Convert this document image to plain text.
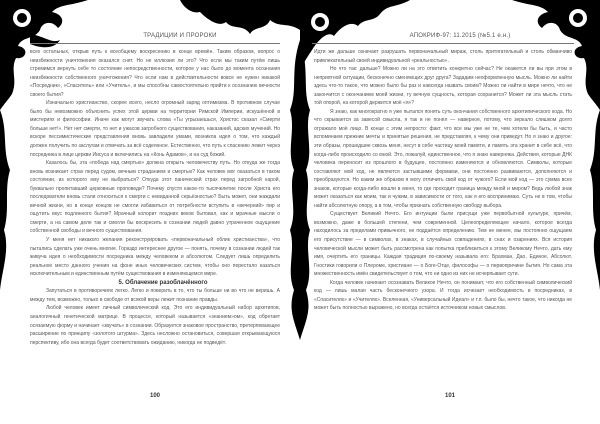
ТРАДИЦИИ И ПРОРОКИ

всех остальных, открыв путь к всеобщему воскресению в конце времён. Таким образом, вопрос о неизбежности уничтожения оказался снят. Но не иллюзия ли это? Что если мы таким путём лишь стремимся вернуть себе то состояние непосредственности, которое у нас было до момента осознания неизбежности собственного уничтожения? Что если нам в действительности вовсе не нужен никакой «Посредник», «Спаситель» или «Учитель», и мы способны самостоятельно прийти к осознанию вечности своего бытия?

Изначально христианство, скорее всего, несло огромный заряд оптимизма. В противном случае было бы невозможно объяснить успех этой церкви на территории Римской Империи, искушённой в мистериях и философии. Иначе как могут звучать слова «Ты угрызаешься, Христос сказал «Смерти больше нет!». Нет нет смерти, то нет и ужасов загробного существования, наказаний, адских мучений. Но вскоре пессимистические представления вновь завладели умами, возникла идея о том, что каждый должен получить по заслугам и отвечать за всё содеянное. Естественно, что путь к спасению лежит через посредника в лице церкви Иисуса и включились на «Конь Адамов», и на суд божий.

Казалось бы, эта «победа над смертью» должна открыть человечеству путь. Но откуда же тогда вновь возникает страх перед судом, вечным страданием и смертью? Как человек мог оказаться в таком состоянии, из которого ему не выбраться? Откуда этот панический страх перед загробной карой, буквально пропитавший церковные проповеди? Почему спустя какое-то тысячелетие после Христа его последователи вновь стали относиться к смерти с невиданной серьёзностью? Быть может, они жаждали вечной жизни, но в конце концов не смогли избавиться от потребности вступить в «вечерний» пир и ощутить вкус подлинного бытия? Мрачный колорит поздних веков бытовал, как и мрачные мысли о смерти, а на самом деле так и смогли бы воскресить в сознании людей давно утраченное ощущение собственной свободы и вечного существования.

У меня нет никакого желания реконструировать «первоначальный облик христианства», что пытались сделать уже очень многие. Гораздо интереснее другое — понять, почему в сознании людей так живуча идея о необходимости посредника между человеком и абсолютом. Следует лишь определить реальное место данного учения на фоне иных человеческих систем, чтобы оно перестало казаться исключительным и единственным путём существования в изменяющемся мире.

5. Облачение разоблачённого

Запутаться в противоречиях легко. Легко и поверить в то, что ты больше ни во что не веришь. А между тем, возможно, только в свободе от всякой веры лежит познание правды.

Любой человек имеет личный символический код. Это его индивидуальный набор архетипов, аналогичный генетической матрице. В процессе, который называется «знанием»ом», код обретает осязаемую форму и начинает «звучать» в сознании. Образуется знаковое пространство, претерпевающее расширение по принципу «золотого штурма». Здесь несложно остановиться, совершая открывающуюся перспективу, ибо она всегда будет соответствовать ожиданию, никогда не подведёт.

100
АПОКРИФ-97: 11.2015 (№5.1 е.н.)

Идти же дальше означает разрушать первоначальный мираж, столь притягательный и столь обманчиво привлекательный своей индивидуальной «реальностью».

Но что так: дальше? Можно ли на это ответить конкретно сейчас? Не окажется ли вы при этом в неприятной ситуации, бесконечно сменяющих друг друга? Зададим неоформленную мысль. Можно ли найти здесь что-то такое, что можно было бы раз и навсегда назвать своим? Можно ли найти в мире нечто, что не закончится с окончанием моей жизни, ту вечную сущность, которая сохранится? Может ли эта мысль стать той опорой, на которой держится моё «я»?

Я знаю, как многократно я уже пытался понять суть окончания собственного архетипического кода. Но что скрывается за завесой смысла, я так и не понял — наверное, потому, что зеркало слишком долго отражало моё лицо. В конце с этим непросто: факт, что все мы уже не те, чем хотели бы быть, и часто вспоминаем прежние мечты и принятые решения, не представляя, к чему они приведут. Но я знаю и другое: эти образы, прошедшие сквозь меня, несут в себе частицу моей памяти, и память эта хранит в себе всё, что когда-либо происходило со мной. Это, пожалуй, единственное, что я знаю наверняка. Действия, которые ДНК человека переносит из прошлого в будущее, постоянно изменяются и обновляются. Символы, которые составляют мой код, не являются застывшими формами, они постоянно развиваются, дополняются и преобразуются. Но каким же образом я могу отличить свой код от чужого? Если мой код — это сумма всех знаков, которые когда-либо вошли в меня, то где проходит граница между мной и миром? Ведь любой знак может оказаться как моим, так и чужим, в зависимости от того, как я его воспринимаю. Суть не в том, чтобы найти абсолютную опору, а в том, чтобы признать собственную свободу выбора.

Существует Великий Нечто. Его интуиции были присущи уже первобытной культуре, причём, возможно, даже в большей степени, чем современной. Целеопределяющее начало, которое всегда находилось за пределами привычного, не поддаётся определению. Тем не менее, мы постоянно ощущаем его присутствие — в символах, в знаках, в случайных совпадениях, в снах и озарениях. Вся история человеческой мысли может быть рассмотрена как попытка приблизиться к этому Великому Нечто, дать ему имя, очертить его границы. Каждая традиция по-своему называла его: Брахман, Дао, Единое, Абсолют. Гностики говорили о Плероме, христиане — о Боге-Отце, философы — о первопричине бытия. Но сама эта множественность имён свидетельствует о том, что ни одно из них не исчерпывает сути.

Когда человек начинает осознавать Великое Нечто, он понимает, что его собственный символический код — лишь малая часть бесконечного узора. И тогда исчезает необходимость в посредниках, в «Спасителях» и «Учителях». Вселенная, «Универсальный Идеал» и т.п. было бы, нечто такое, что никогда не может быть полностью выражено, но всегда остаётся источником новых смыслов.

101
